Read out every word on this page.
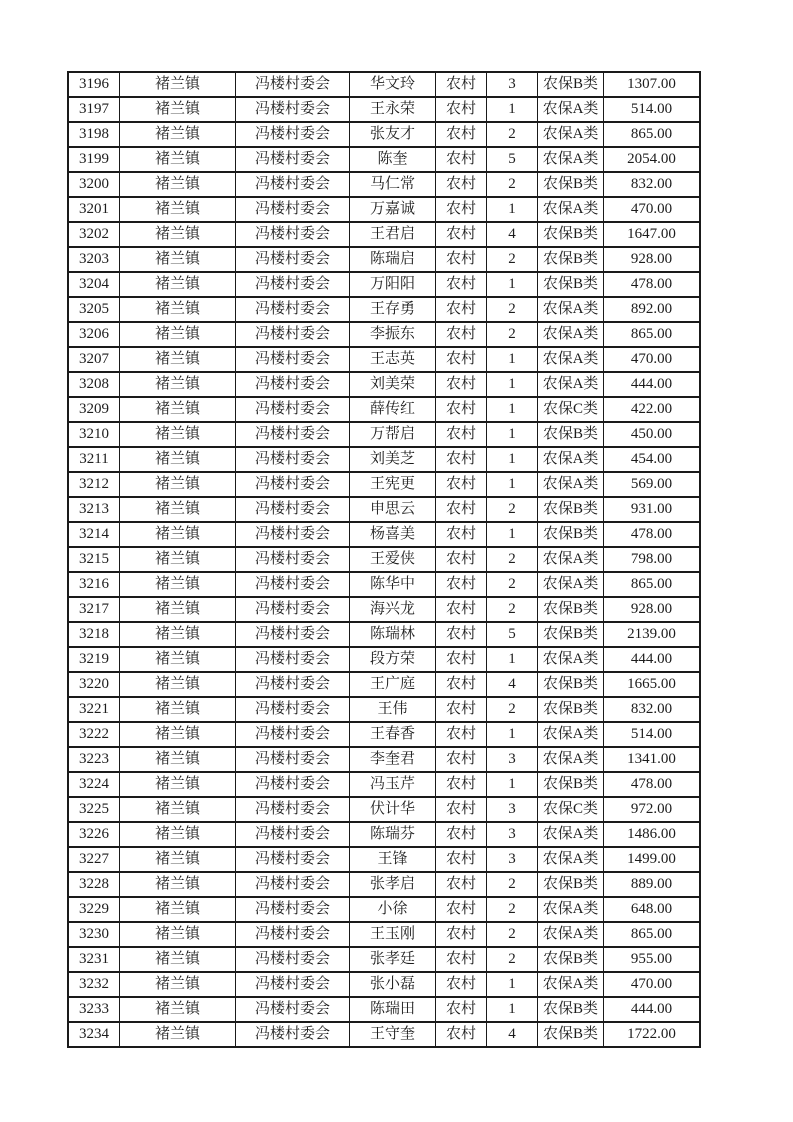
3196	褚兰镇	冯楼村委会	华文玲	农村	3	农保B类	1307.00
3197	褚兰镇	冯楼村委会	王永荣	农村	1	农保A类	514.00
3198	褚兰镇	冯楼村委会	张友才	农村	2	农保A类	865.00
3199	褚兰镇	冯楼村委会	陈奎	农村	5	农保A类	2054.00
3200	褚兰镇	冯楼村委会	马仁常	农村	2	农保B类	832.00
3201	褚兰镇	冯楼村委会	万嘉诚	农村	1	农保A类	470.00
3202	褚兰镇	冯楼村委会	王君启	农村	4	农保B类	1647.00
3203	褚兰镇	冯楼村委会	陈瑞启	农村	2	农保B类	928.00
3204	褚兰镇	冯楼村委会	万阳阳	农村	1	农保B类	478.00
3205	褚兰镇	冯楼村委会	王存勇	农村	2	农保A类	892.00
3206	褚兰镇	冯楼村委会	李振东	农村	2	农保A类	865.00
3207	褚兰镇	冯楼村委会	王志英	农村	1	农保A类	470.00
3208	褚兰镇	冯楼村委会	刘美荣	农村	1	农保A类	444.00
3209	褚兰镇	冯楼村委会	薛传红	农村	1	农保C类	422.00
3210	褚兰镇	冯楼村委会	万帮启	农村	1	农保B类	450.00
3211	褚兰镇	冯楼村委会	刘美芝	农村	1	农保A类	454.00
3212	褚兰镇	冯楼村委会	王宪更	农村	1	农保A类	569.00
3213	褚兰镇	冯楼村委会	申思云	农村	2	农保B类	931.00
3214	褚兰镇	冯楼村委会	杨喜美	农村	1	农保B类	478.00
3215	褚兰镇	冯楼村委会	王爱侠	农村	2	农保A类	798.00
3216	褚兰镇	冯楼村委会	陈华中	农村	2	农保A类	865.00
3217	褚兰镇	冯楼村委会	海兴龙	农村	2	农保B类	928.00
3218	褚兰镇	冯楼村委会	陈瑞林	农村	5	农保B类	2139.00
3219	褚兰镇	冯楼村委会	段方荣	农村	1	农保A类	444.00
3220	褚兰镇	冯楼村委会	王广庭	农村	4	农保B类	1665.00
3221	褚兰镇	冯楼村委会	王伟	农村	2	农保B类	832.00
3222	褚兰镇	冯楼村委会	王春香	农村	1	农保A类	514.00
3223	褚兰镇	冯楼村委会	李奎君	农村	3	农保A类	1341.00
3224	褚兰镇	冯楼村委会	冯玉芹	农村	1	农保B类	478.00
3225	褚兰镇	冯楼村委会	伏计华	农村	3	农保C类	972.00
3226	褚兰镇	冯楼村委会	陈瑞芬	农村	3	农保A类	1486.00
3227	褚兰镇	冯楼村委会	王锋	农村	3	农保A类	1499.00
3228	褚兰镇	冯楼村委会	张孝启	农村	2	农保B类	889.00
3229	褚兰镇	冯楼村委会	小徐	农村	2	农保A类	648.00
3230	褚兰镇	冯楼村委会	王玉刚	农村	2	农保A类	865.00
3231	褚兰镇	冯楼村委会	张孝廷	农村	2	农保B类	955.00
3232	褚兰镇	冯楼村委会	张小磊	农村	1	农保A类	470.00
3233	褚兰镇	冯楼村委会	陈瑞田	农村	1	农保B类	444.00
3234	褚兰镇	冯楼村委会	王守奎	农村	4	农保B类	1722.00
